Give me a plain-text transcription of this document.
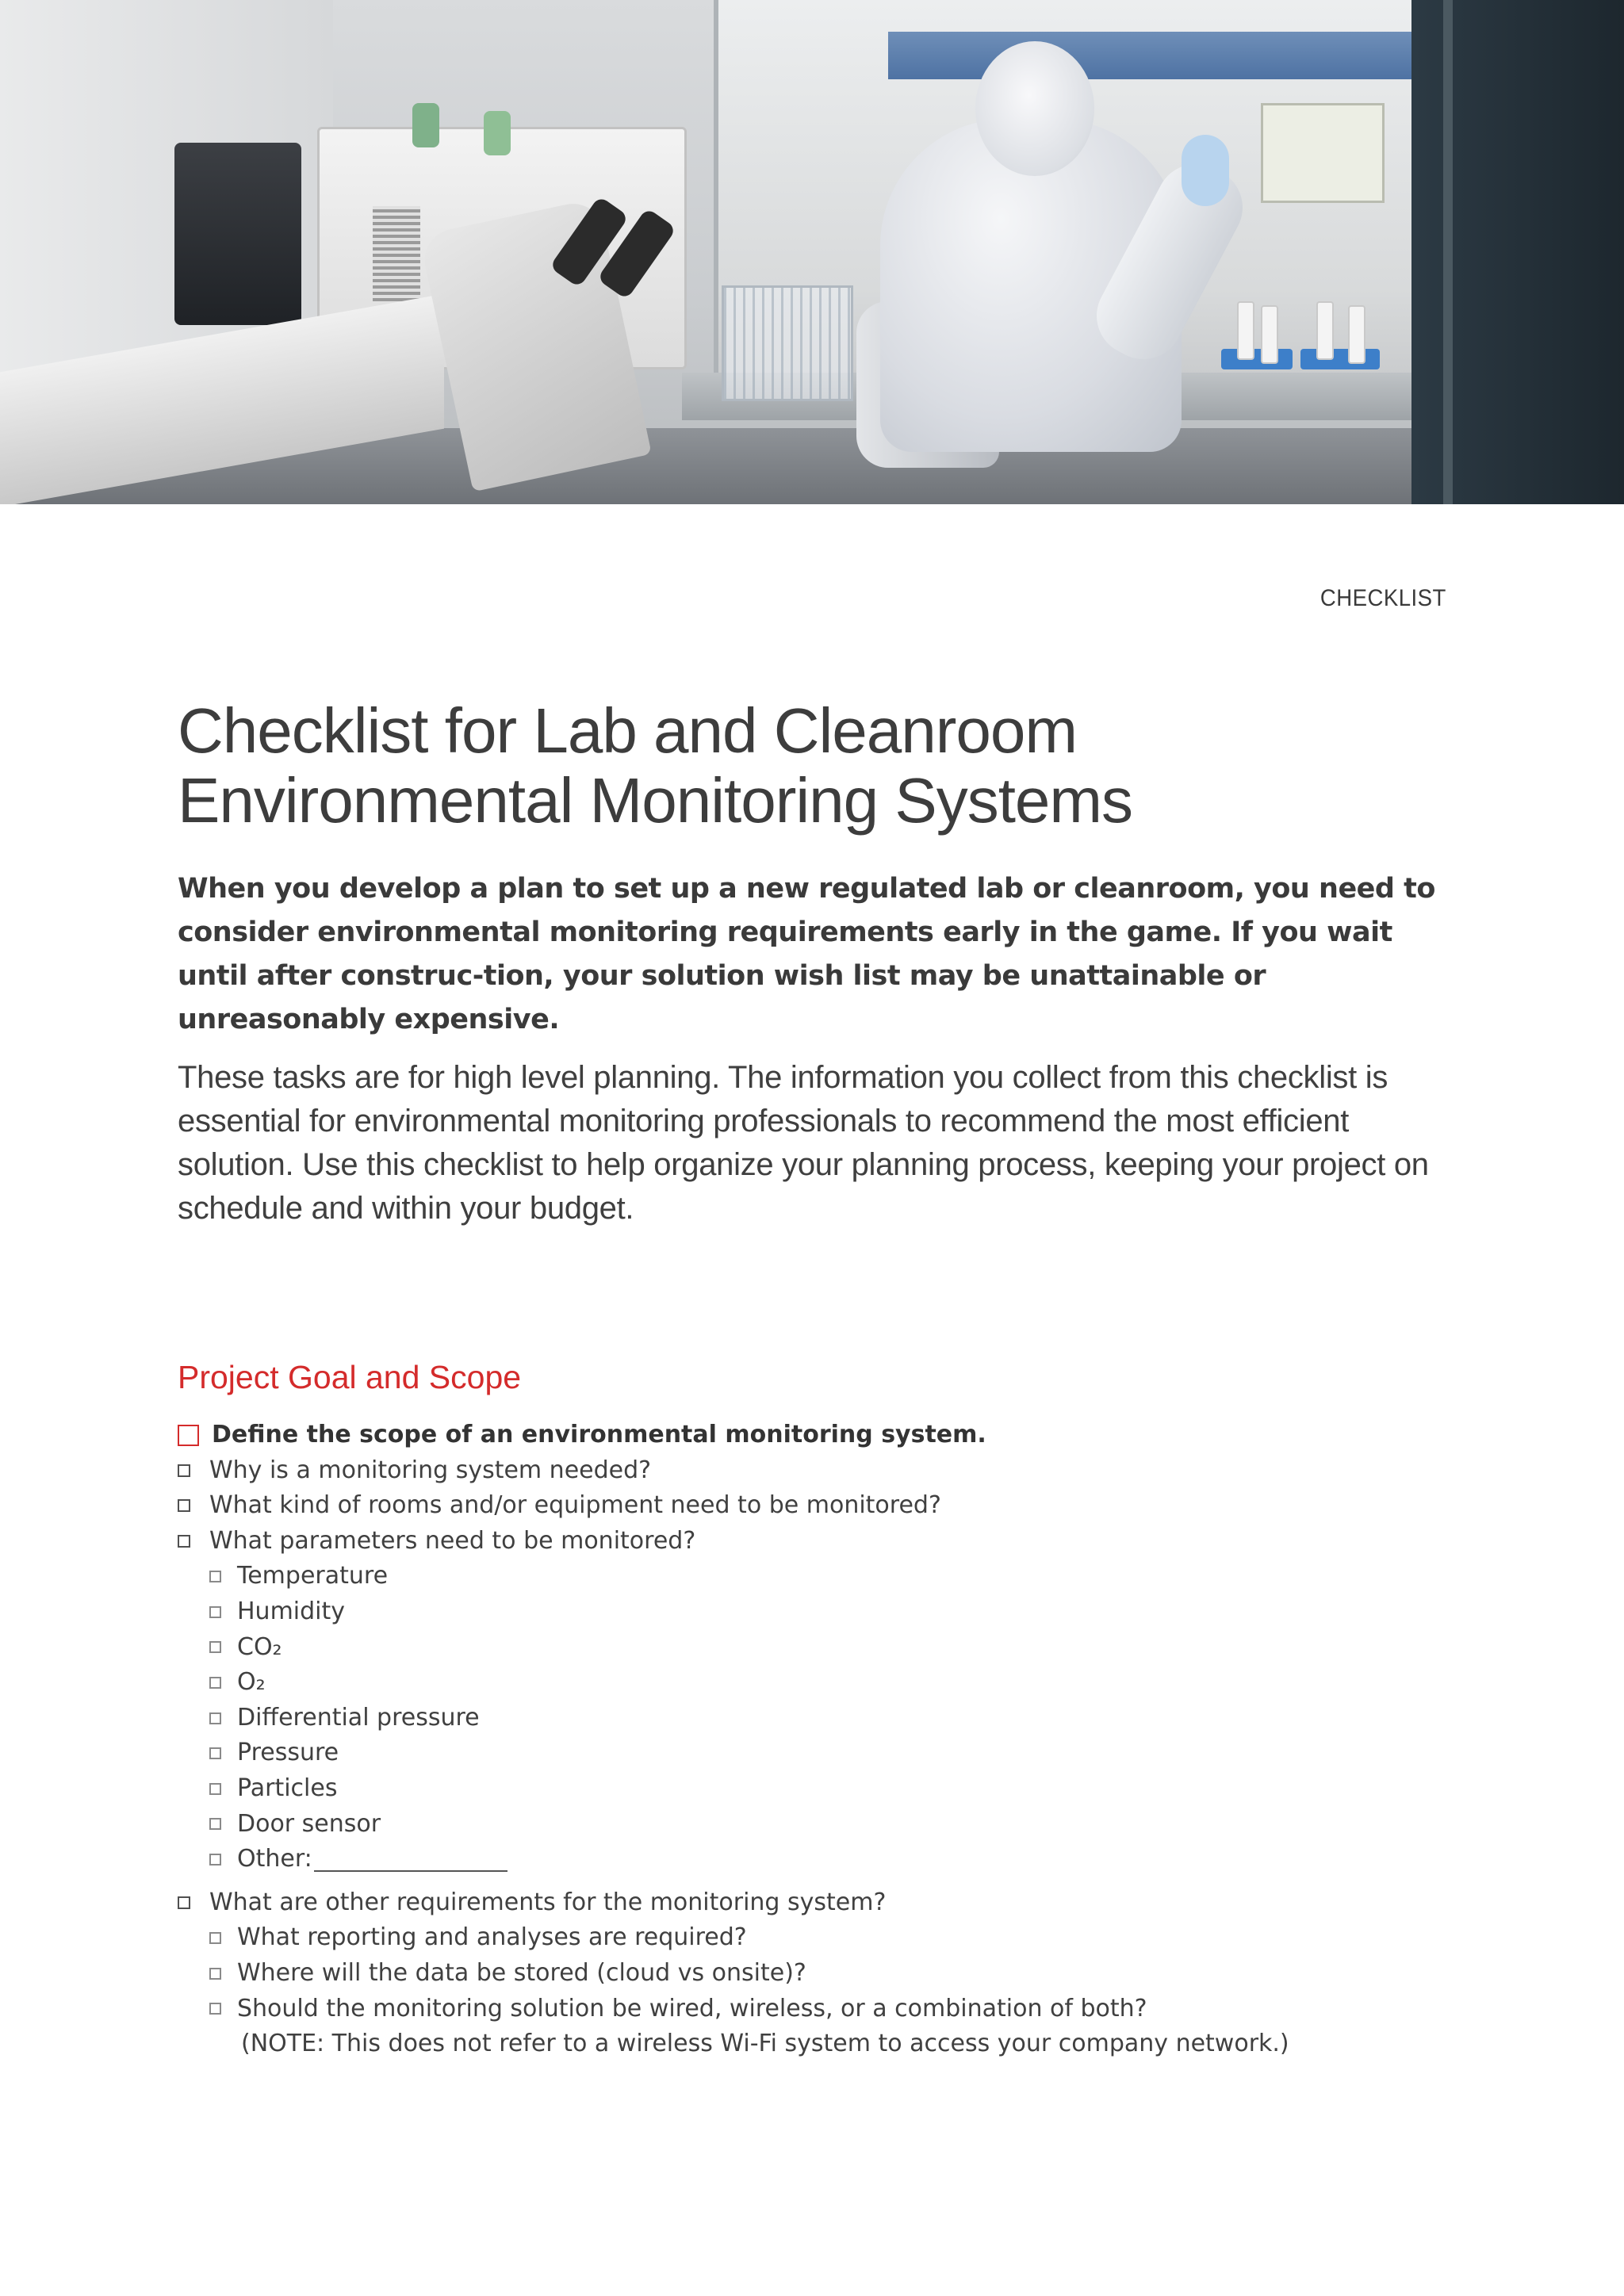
CHECKLIST
Checklist for Lab and Cleanroom
Environmental Monitoring Systems

When you develop a plan to set up a new regulated lab or cleanroom, you need to consider environmental monitoring requirements early in the game. If you wait until after construc-tion, your solution wish list may be unattainable or unreasonably expensive.

These tasks are for high level planning. The information you collect from this checklist is essential for environmental monitoring professionals to recommend the most efficient solution. Use this checklist to help organize your planning process, keeping your project on schedule and within your budget.

Project Goal and Scope
Define the scope of an environmental monitoring system.
Why is a monitoring system needed?
What kind of rooms and/or equipment need to be monitored?
What parameters need to be monitored?
Temperature
Humidity
CO₂
O₂
Differential pressure
Pressure
Particles
Door sensor
Other:
What are other requirements for the monitoring system?
What reporting and analyses are required?
Where will the data be stored (cloud vs onsite)?
Should the monitoring solution be wired, wireless, or a combination of both?
(NOTE: This does not refer to a wireless Wi-Fi system to access your company network.)
